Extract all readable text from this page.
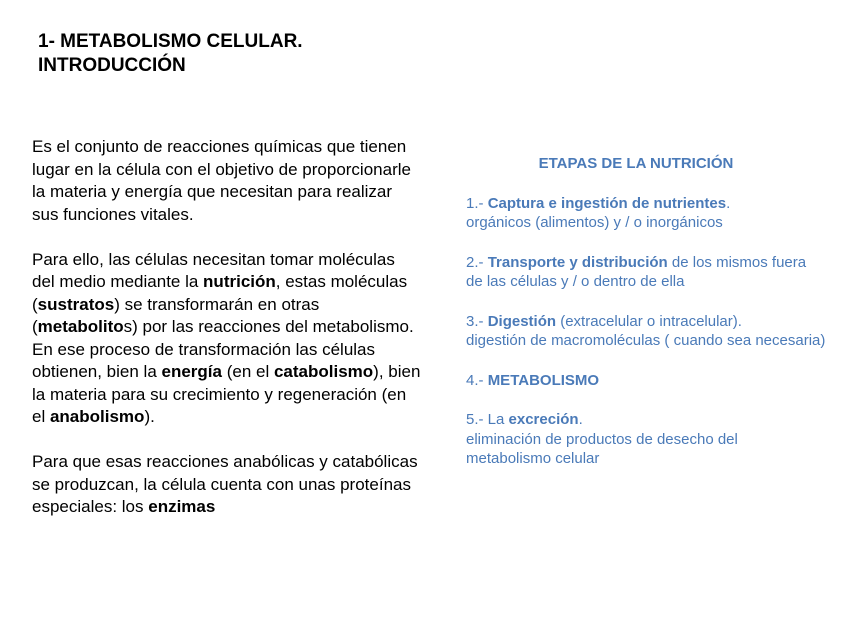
1- METABOLISMO CELULAR.
INTRODUCCIÓN

Es el conjunto de reacciones químicas que tienen lugar en la célula con el objetivo de proporcionarle la materia y energía que necesitan para realizar sus funciones vitales.

Para ello, las células necesitan tomar moléculas del medio mediante la nutrición, estas moléculas (sustratos) se transformarán en otras (metabolitos) por las reacciones del metabolismo. En ese proceso de transformación las células obtienen, bien la energía (en el catabolismo), bien la materia para su crecimiento y regeneración (en el anabolismo).

Para que esas reacciones anabólicas y catabólicas se produzcan, la célula cuenta con unas proteínas especiales: los enzimas

ETAPAS DE LA NUTRICIÓN
1.- Captura e ingestión de nutrientes.
orgánicos (alimentos) y / o inorgánicos
2.- Transporte y distribución de los mismos fuera de las células y / o dentro de ella
3.- Digestión (extracelular o intracelular).
digestión de macromoléculas ( cuando sea necesaria)
4.- METABOLISMO
5.- La excreción.
eliminación de productos de desecho del metabolismo celular
